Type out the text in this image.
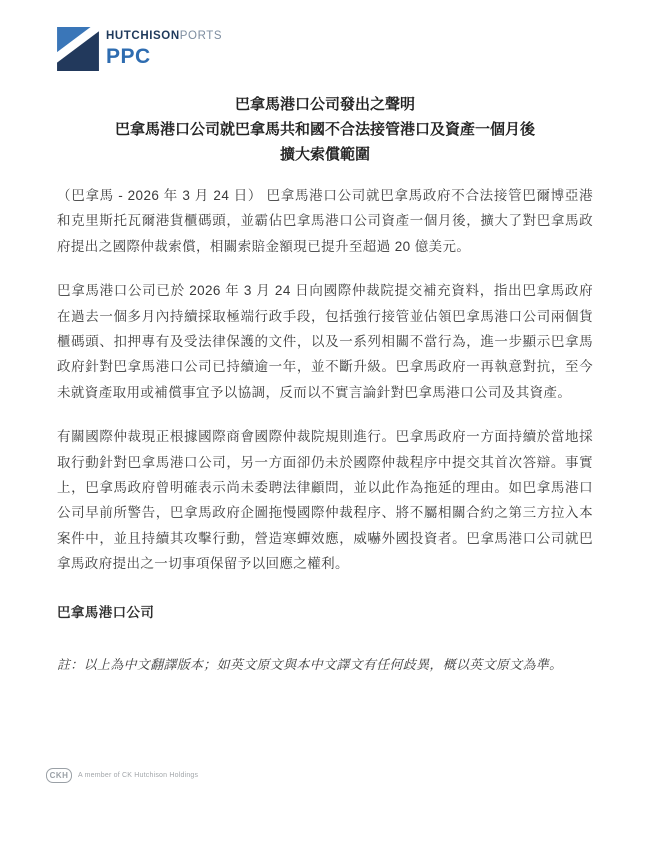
HUTCHISONPORTS
PPC
巴拿馬港口公司發出之聲明
巴拿馬港口公司就巴拿馬共和國不合法接管港口及資產一個月後
擴大索償範圍

（巴拿馬 - 2026 年 3 月 24 日） 巴拿馬港口公司就巴拿馬政府不合法接管巴爾博亞港和克里斯托瓦爾港貨櫃碼頭，並霸佔巴拿馬港口公司資產一個月後，擴大了對巴拿馬政府提出之國際仲裁索償，相關索賠金額現已提升至超過 20 億美元。

巴拿馬港口公司已於 2026 年 3 月 24 日向國際仲裁院提交補充資料，指出巴拿馬政府在過去一個多月內持續採取極端行政手段，包括強行接管並佔領巴拿馬港口公司兩個貨櫃碼頭、扣押專有及受法律保護的文件，以及一系列相關不當行為，進一步顯示巴拿馬政府針對巴拿馬港口公司已持續逾一年，並不斷升級。巴拿馬政府一再執意對抗，至今未就資產取用或補償事宜予以協調，反而以不實言論針對巴拿馬港口公司及其資產。

有關國際仲裁現正根據國際商會國際仲裁院規則進行。巴拿馬政府一方面持續於當地採取行動針對巴拿馬港口公司，另一方面卻仍未於國際仲裁程序中提交其首次答辯。事實上，巴拿馬政府曾明確表示尚未委聘法律顧問，並以此作為拖延的理由。如巴拿馬港口公司早前所警告，巴拿馬政府企圖拖慢國際仲裁程序、將不屬相關合約之第三方拉入本案件中，並且持續其攻擊行動，營造寒蟬效應，威嚇外國投資者。巴拿馬港口公司就巴拿馬政府提出之一切事項保留予以回應之權利。

巴拿馬港口公司
註：以上為中文翻譯版本；如英文原文與本中文譯文有任何歧異，概以英文原文為準。
CKH	A member of CK Hutchison Holdings
